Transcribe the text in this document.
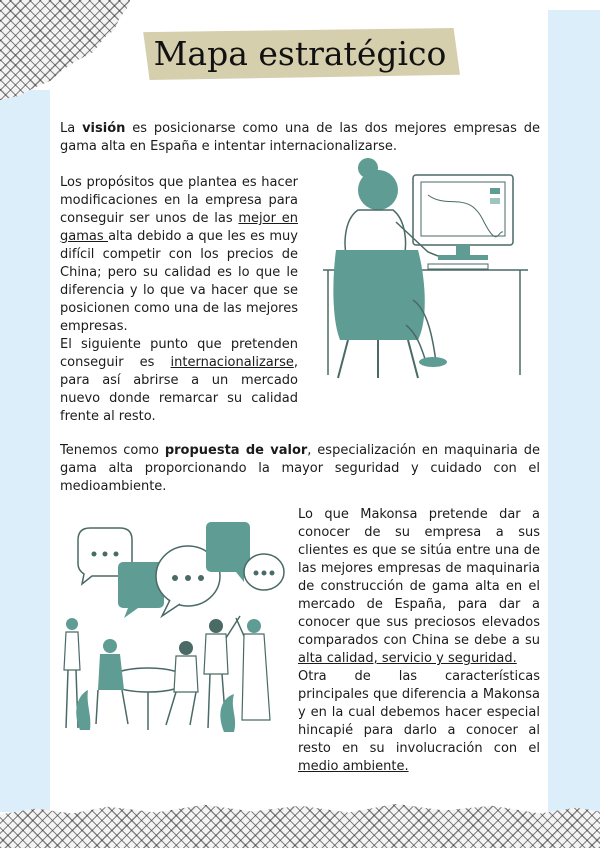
Mapa estratégico

La visión es posicionarse como una de las dos mejores empresas de gama alta en España e intentar internacionalizarse.

Los propósitos que plantea es hacer modificaciones en la empresa para conseguir ser unos de las mejor en gamas alta debido a que les es muy difícil competir con los precios de China; pero su calidad es lo que le diferencia y lo que va hacer que se posicionen como una de las mejores empresas.
El siguiente punto que pretenden conseguir es internacionalizarse, para así abrirse a un mercado nuevo donde remarcar su calidad frente al resto.

Tenemos como propuesta de valor, especialización en maquinaria de gama alta proporcionando la mayor seguridad y cuidado con el medioambiente.

Lo que Makonsa pretende dar a conocer de su empresa a sus clientes es que se sitúa entre una de las mejores empresas de maquinaria de construcción de gama alta en el mercado de España, para dar a conocer que sus preciosos elevados comparados con China se debe a su alta calidad, servicio y seguridad.
Otra de las características principales que diferencia a Makonsa y en la cual debemos hacer especial hincapié para darlo a conocer al resto en su involucración con el medio ambiente.
